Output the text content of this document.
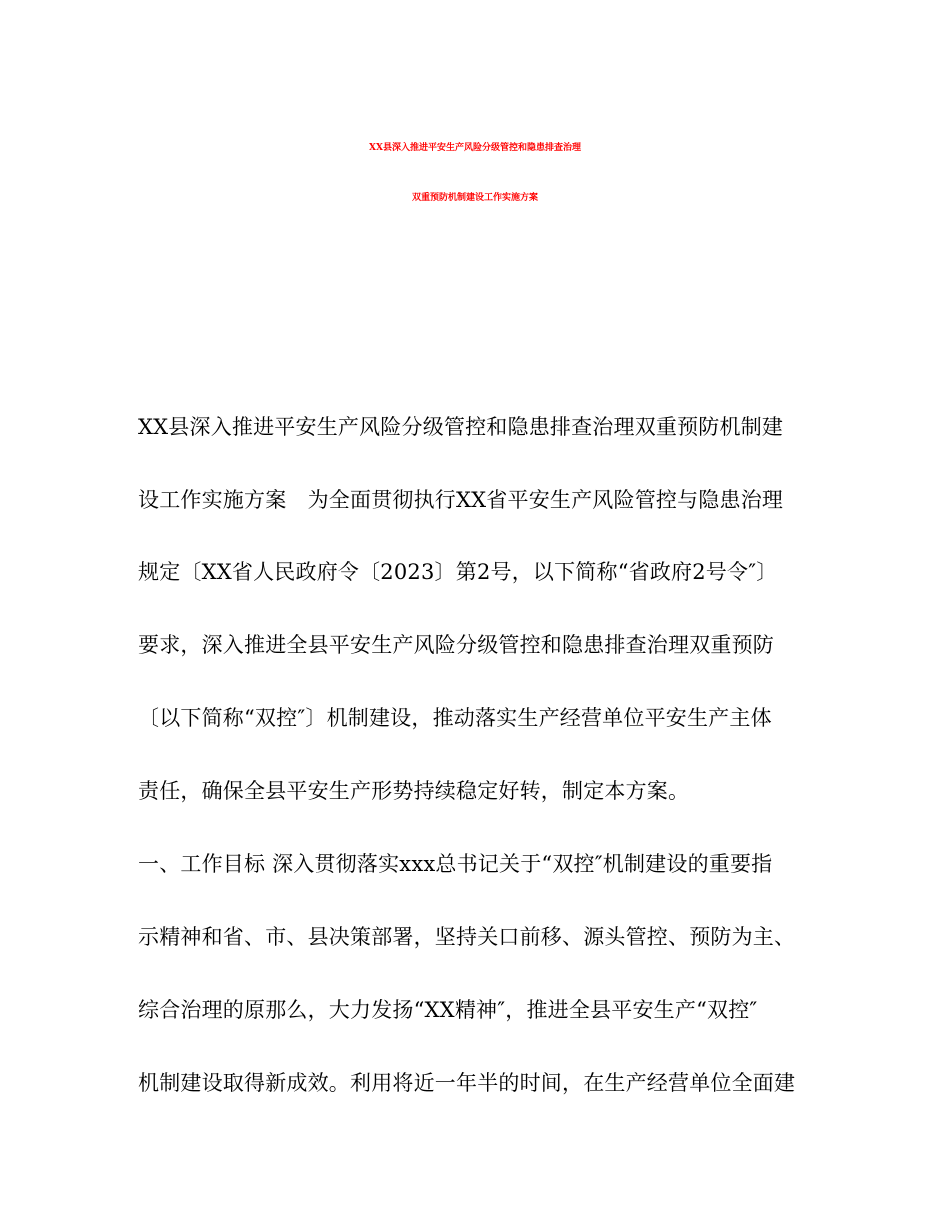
XX县深入推进平安生产风险分级管控和隐患排查治理
双重预防机制建设工作实施方案
XX县深入推进平安生产风险分级管控和隐患排查治理双重预防机制建
设工作实施方案　为全面贯彻执行XX省平安生产风险管控与隐患治理
规定〔XX省人民政府令〔2023〕第2号，以下简称“省政府2号令″〕
要求，深入推进全县平安生产风险分级管控和隐患排查治理双重预防
〔以下简称“双控″〕机制建设，推动落实生产经营单位平安生产主体
责任，确保全县平安生产形势持续稳定好转，制定本方案。
一、工作目标 深入贯彻落实xxx总书记关于“双控″机制建设的重要指
示精神和省、市、县决策部署，坚持关口前移、源头管控、预防为主、
综合治理的原那么，大力发扬“XX精神″，推进全县平安生产“双控″
机制建设取得新成效。利用将近一年半的时间，在生产经营单位全面建
